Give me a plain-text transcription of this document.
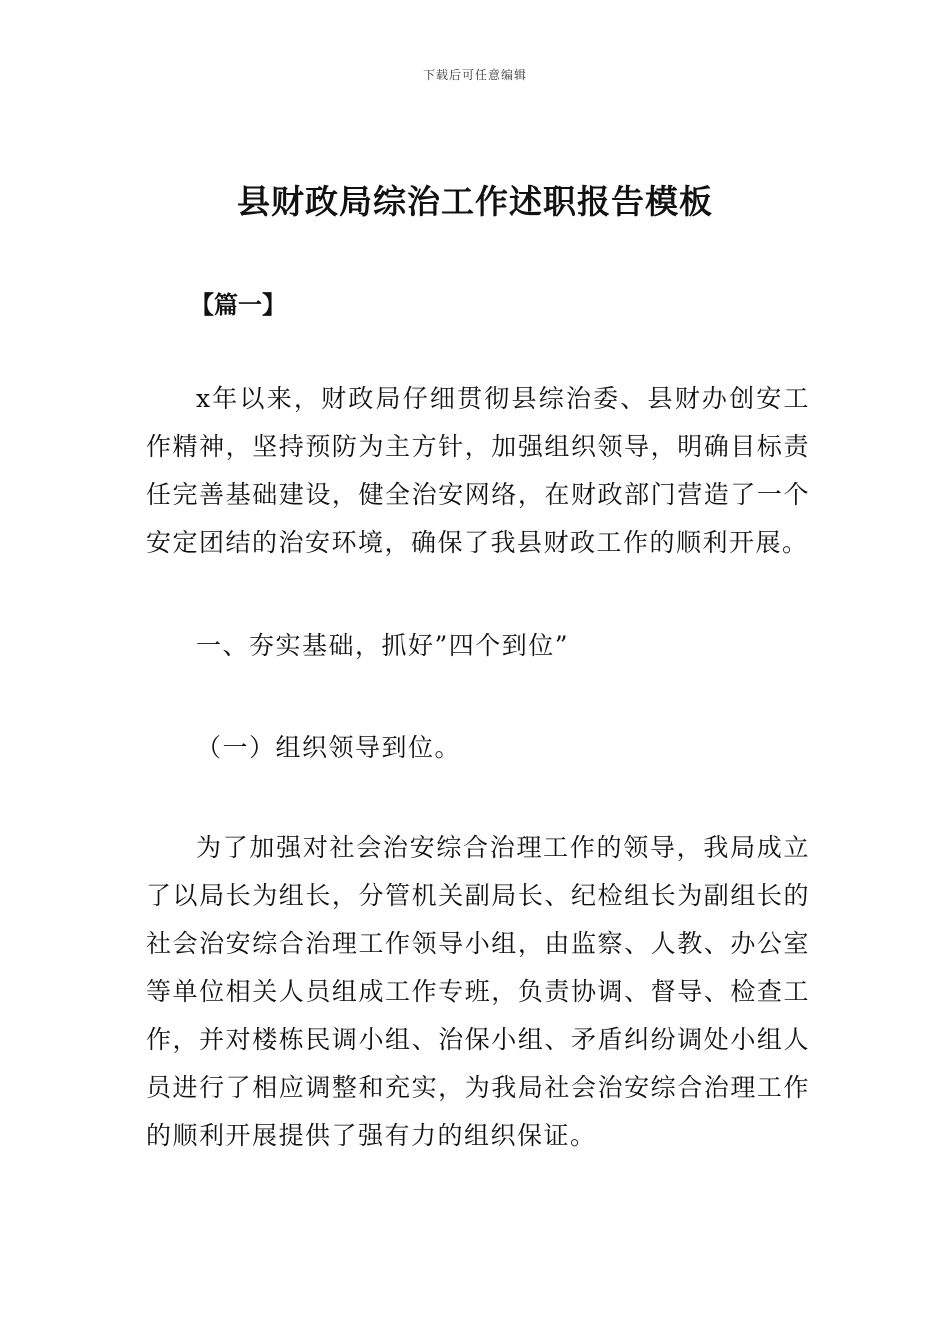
下载后可任意编辑
县财政局综治工作述职报告模板
【篇一】

x年以来，财政局仔细贯彻县综治委、县财办创安工作精神，坚持预防为主方针，加强组织领导，明确目标责任完善基础建设，健全治安网络，在财政部门营造了一个安定团结的治安环境，确保了我县财政工作的顺利开展。

一、夯实基础，抓好”四个到位”
（一）组织领导到位。

为了加强对社会治安综合治理工作的领导，我局成立了以局长为组长，分管机关副局长、纪检组长为副组长的社会治安综合治理工作领导小组，由监察、人教、办公室等单位相关人员组成工作专班，负责协调、督导、检查工作，并对楼栋民调小组、治保小组、矛盾纠纷调处小组人员进行了相应调整和充实，为我局社会治安综合治理工作的顺利开展提供了强有力的组织保证。
